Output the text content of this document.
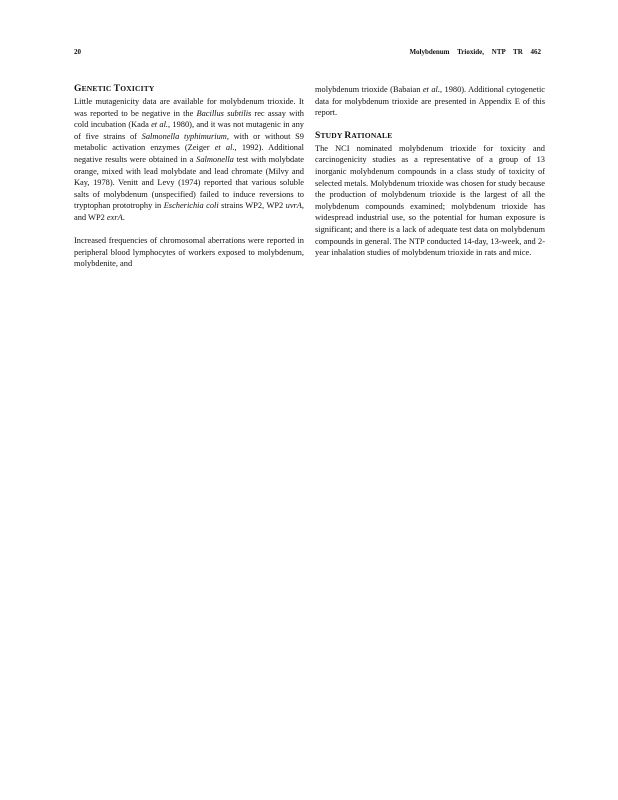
20	Molybdenum Trioxide, NTP TR 462
GENETIC TOXICITY

Little mutagenicity data are available for molybdenum trioxide. It was reported to be negative in the Bacillus subtilis rec assay with cold incubation (Kada et al., 1980), and it was not mutagenic in any of five strains of Salmonella typhimurium, with or without S9 metabolic activation enzymes (Zeiger et al., 1992). Additional negative results were obtained in a Salmonella test with molybdate orange, mixed with lead molybdate and lead chromate (Milvy and Kay, 1978). Venitt and Levy (1974) reported that various soluble salts of molybdenum (unspecified) failed to induce reversions to tryptophan prototrophy in Escherichia coli strains WP2, WP2 uvrA, and WP2 exrA.

Increased frequencies of chromosomal aberrations were reported in peripheral blood lymphocytes of workers exposed to molybdenum, molybdenite, and

molybdenum trioxide (Babaian et al., 1980). Additional cytogenetic data for molybdenum trioxide are presented in Appendix E of this report.

STUDY RATIONALE

The NCI nominated molybdenum trioxide for toxicity and carcinogenicity studies as a representative of a group of 13 inorganic molybdenum compounds in a class study of toxicity of selected metals. Molybdenum trioxide was chosen for study because the production of molybdenum trioxide is the largest of all the molybdenum compounds examined; molybdenum trioxide has widespread industrial use, so the potential for human exposure is significant; and there is a lack of adequate test data on molybdenum compounds in general. The NTP conducted 14-day, 13-week, and 2-year inhalation studies of molybdenum trioxide in rats and mice.
